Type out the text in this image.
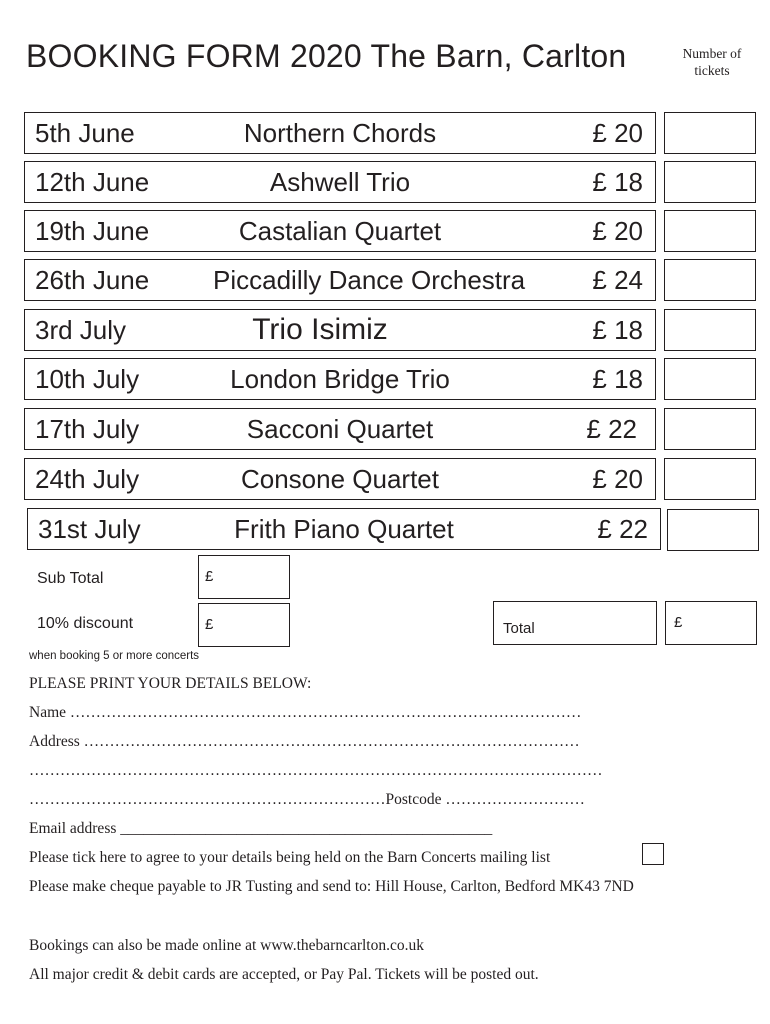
BOOKING FORM 2020 The Barn, Carlton	Number of
tickets
5th June	Northern Chords	£ 20
12th June	Ashwell Trio	£ 18
19th June	Castalian Quartet	£ 20
26th June Piccadilly Dance Orchestra	£ 24
3rd July	Trio Isimiz	£ 18
10th July	London Bridge Trio	£ 18
17th July	Sacconi Quartet	£ 22
24th July	Consone Quartet	£ 20
31st July	Frith Piano Quartet	£ 22
Sub Total	£
10% discount	£	Total	£
when booking 5 or more concerts
PLEASE PRINT YOUR DETAILS BELOW:
Name ………………………………………………………………………………………
Address ……………………………………………………………………………………
…………………………………………………………………………………………………
……………………………………………………………Postcode ………………………
Email address ________________________________________________
Please tick here to agree to your details being held on the Barn Concerts mailing list
Please make cheque payable to JR Tusting and send to: Hill House, Carlton, Bedford MK43 7ND
Bookings can also be made online at www.thebarncarlton.co.uk
All major credit & debit cards are accepted, or Pay Pal. Tickets will be posted out.
